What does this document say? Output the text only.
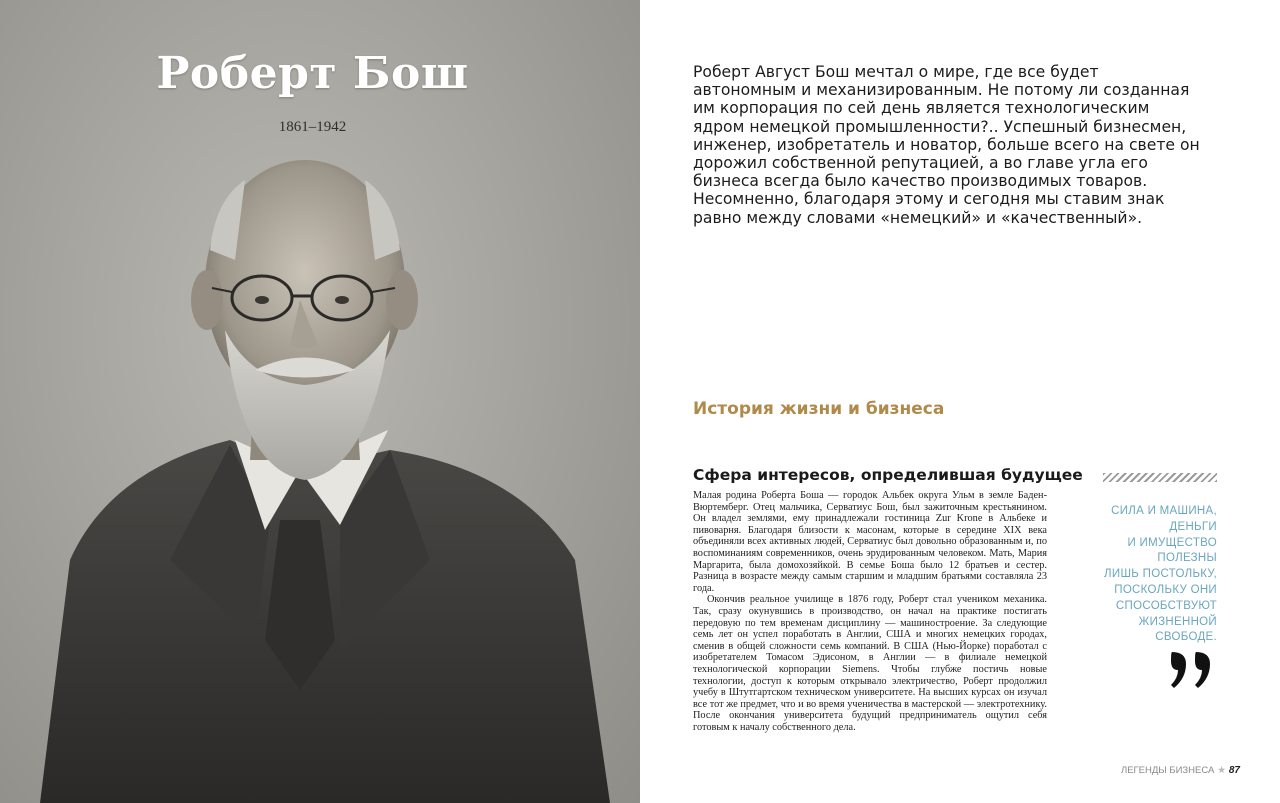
Роберт Бош
1861–1942

Роберт Август Бош мечтал о мире, где все будет автономным и механизированным. Не потому ли созданная им корпорация по сей день является технологическим ядром немецкой промышленности?.. Успешный бизнесмен, инженер, изобретатель и новатор, больше всего на свете он дорожил собственной репутацией, а во главе угла его бизнеса всегда было качество производимых товаров. Несомненно, благодаря этому и сегодня мы ставим знак равно между словами «немецкий» и «качественный».

История жизни и бизнеса
Сфера интересов, определившая будущее

Малая родина Роберта Боша — городок Альбек округа Ульм в земле Баден-Вюртемберг. Отец мальчика, Серватиус Бош, был зажиточным крестьянином. Он владел землями, ему принадлежали гостиница Zur Krone в Альбеке и пивоварня. Благодаря близости к масонам, которые в середине XIX века объединяли всех активных людей, Серватиус был довольно образованным и, по воспоминаниям современников, очень эрудированным человеком. Мать, Мария Маргарита, была домохозяйкой. В семье Боша было 12 братьев и сестер. Разница в возрасте между самым старшим и младшим братьями составляла 23 года.

Окончив реальное училище в 1876 году, Роберт стал учеником механика. Так, сразу окунувшись в производство, он начал на практике постигать передовую по тем временам дисциплину — машиностроение. За следующие семь лет он успел поработать в Англии, США и многих немецких городах, сменив в общей сложности семь компаний. В США (Нью-Йорке) поработал с изобретателем Томасом Эдисоном, в Англии — в филиале немецкой технологической корпорации Siemens. Чтобы глубже постичь новые технологии, доступ к которым открывало электричество, Роберт продолжил учебу в Штутгартском техническом университете. На высших курсах он изучал все тот же предмет, что и во время ученичества в мастерской — электротехнику. После окончания университета будущий предприниматель ощутил себя готовым к началу собственного дела.

СИЛА И МАШИНА,
ДЕНЬГИ
И ИМУЩЕСТВО
ПОЛЕЗНЫ
ЛИШЬ ПОСТОЛЬКУ,
ПОСКОЛЬКУ ОНИ
СПОСОБСТВУЮТ
ЖИЗНЕННОЙ
СВОБОДЕ.
ЛЕГЕНДЫ БИЗНЕСА ★ 87
